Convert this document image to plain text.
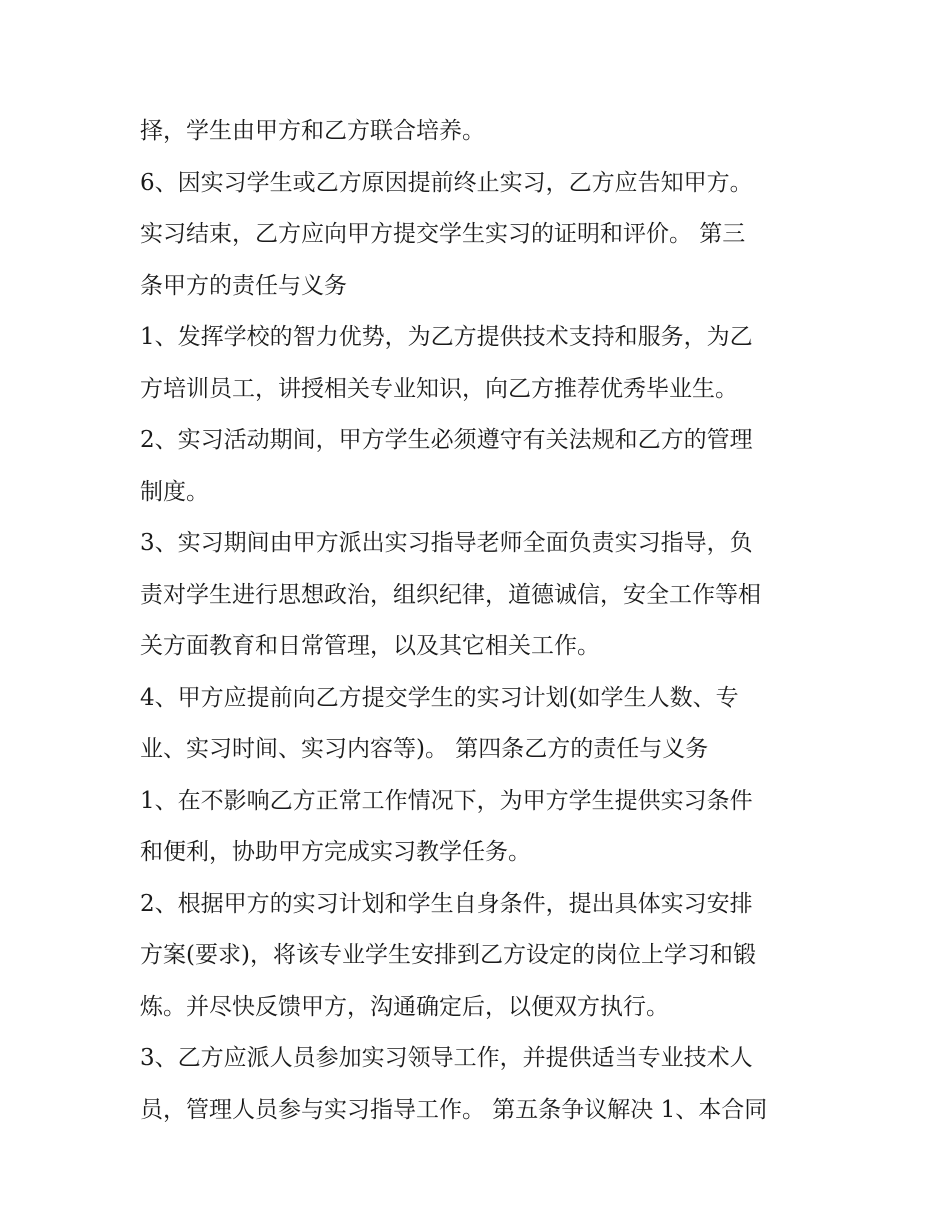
择，学生由甲方和乙方联合培养。
6、因实习学生或乙方原因提前终止实习，乙方应告知甲方。
实习结束，乙方应向甲方提交学生实习的证明和评价。 第三
条甲方的责任与义务
1、发挥学校的智力优势，为乙方提供技术支持和服务，为乙
方培训员工，讲授相关专业知识，向乙方推荐优秀毕业生。
2、实习活动期间，甲方学生必须遵守有关法规和乙方的管理
制度。
3、实习期间由甲方派出实习指导老师全面负责实习指导，负
责对学生进行思想政治，组织纪律，道德诚信，安全工作等相
关方面教育和日常管理，以及其它相关工作。
4、甲方应提前向乙方提交学生的实习计划(如学生人数、专
业、实习时间、实习内容等)。 第四条乙方的责任与义务
1、在不影响乙方正常工作情况下，为甲方学生提供实习条件
和便利，协助甲方完成实习教学任务。
2、根据甲方的实习计划和学生自身条件，提出具体实习安排
方案(要求)，将该专业学生安排到乙方设定的岗位上学习和锻
炼。并尽快反馈甲方，沟通确定后，以便双方执行。
3、乙方应派人员参加实习领导工作，并提供适当专业技术人
员，管理人员参与实习指导工作。 第五条争议解决 1、本合同
